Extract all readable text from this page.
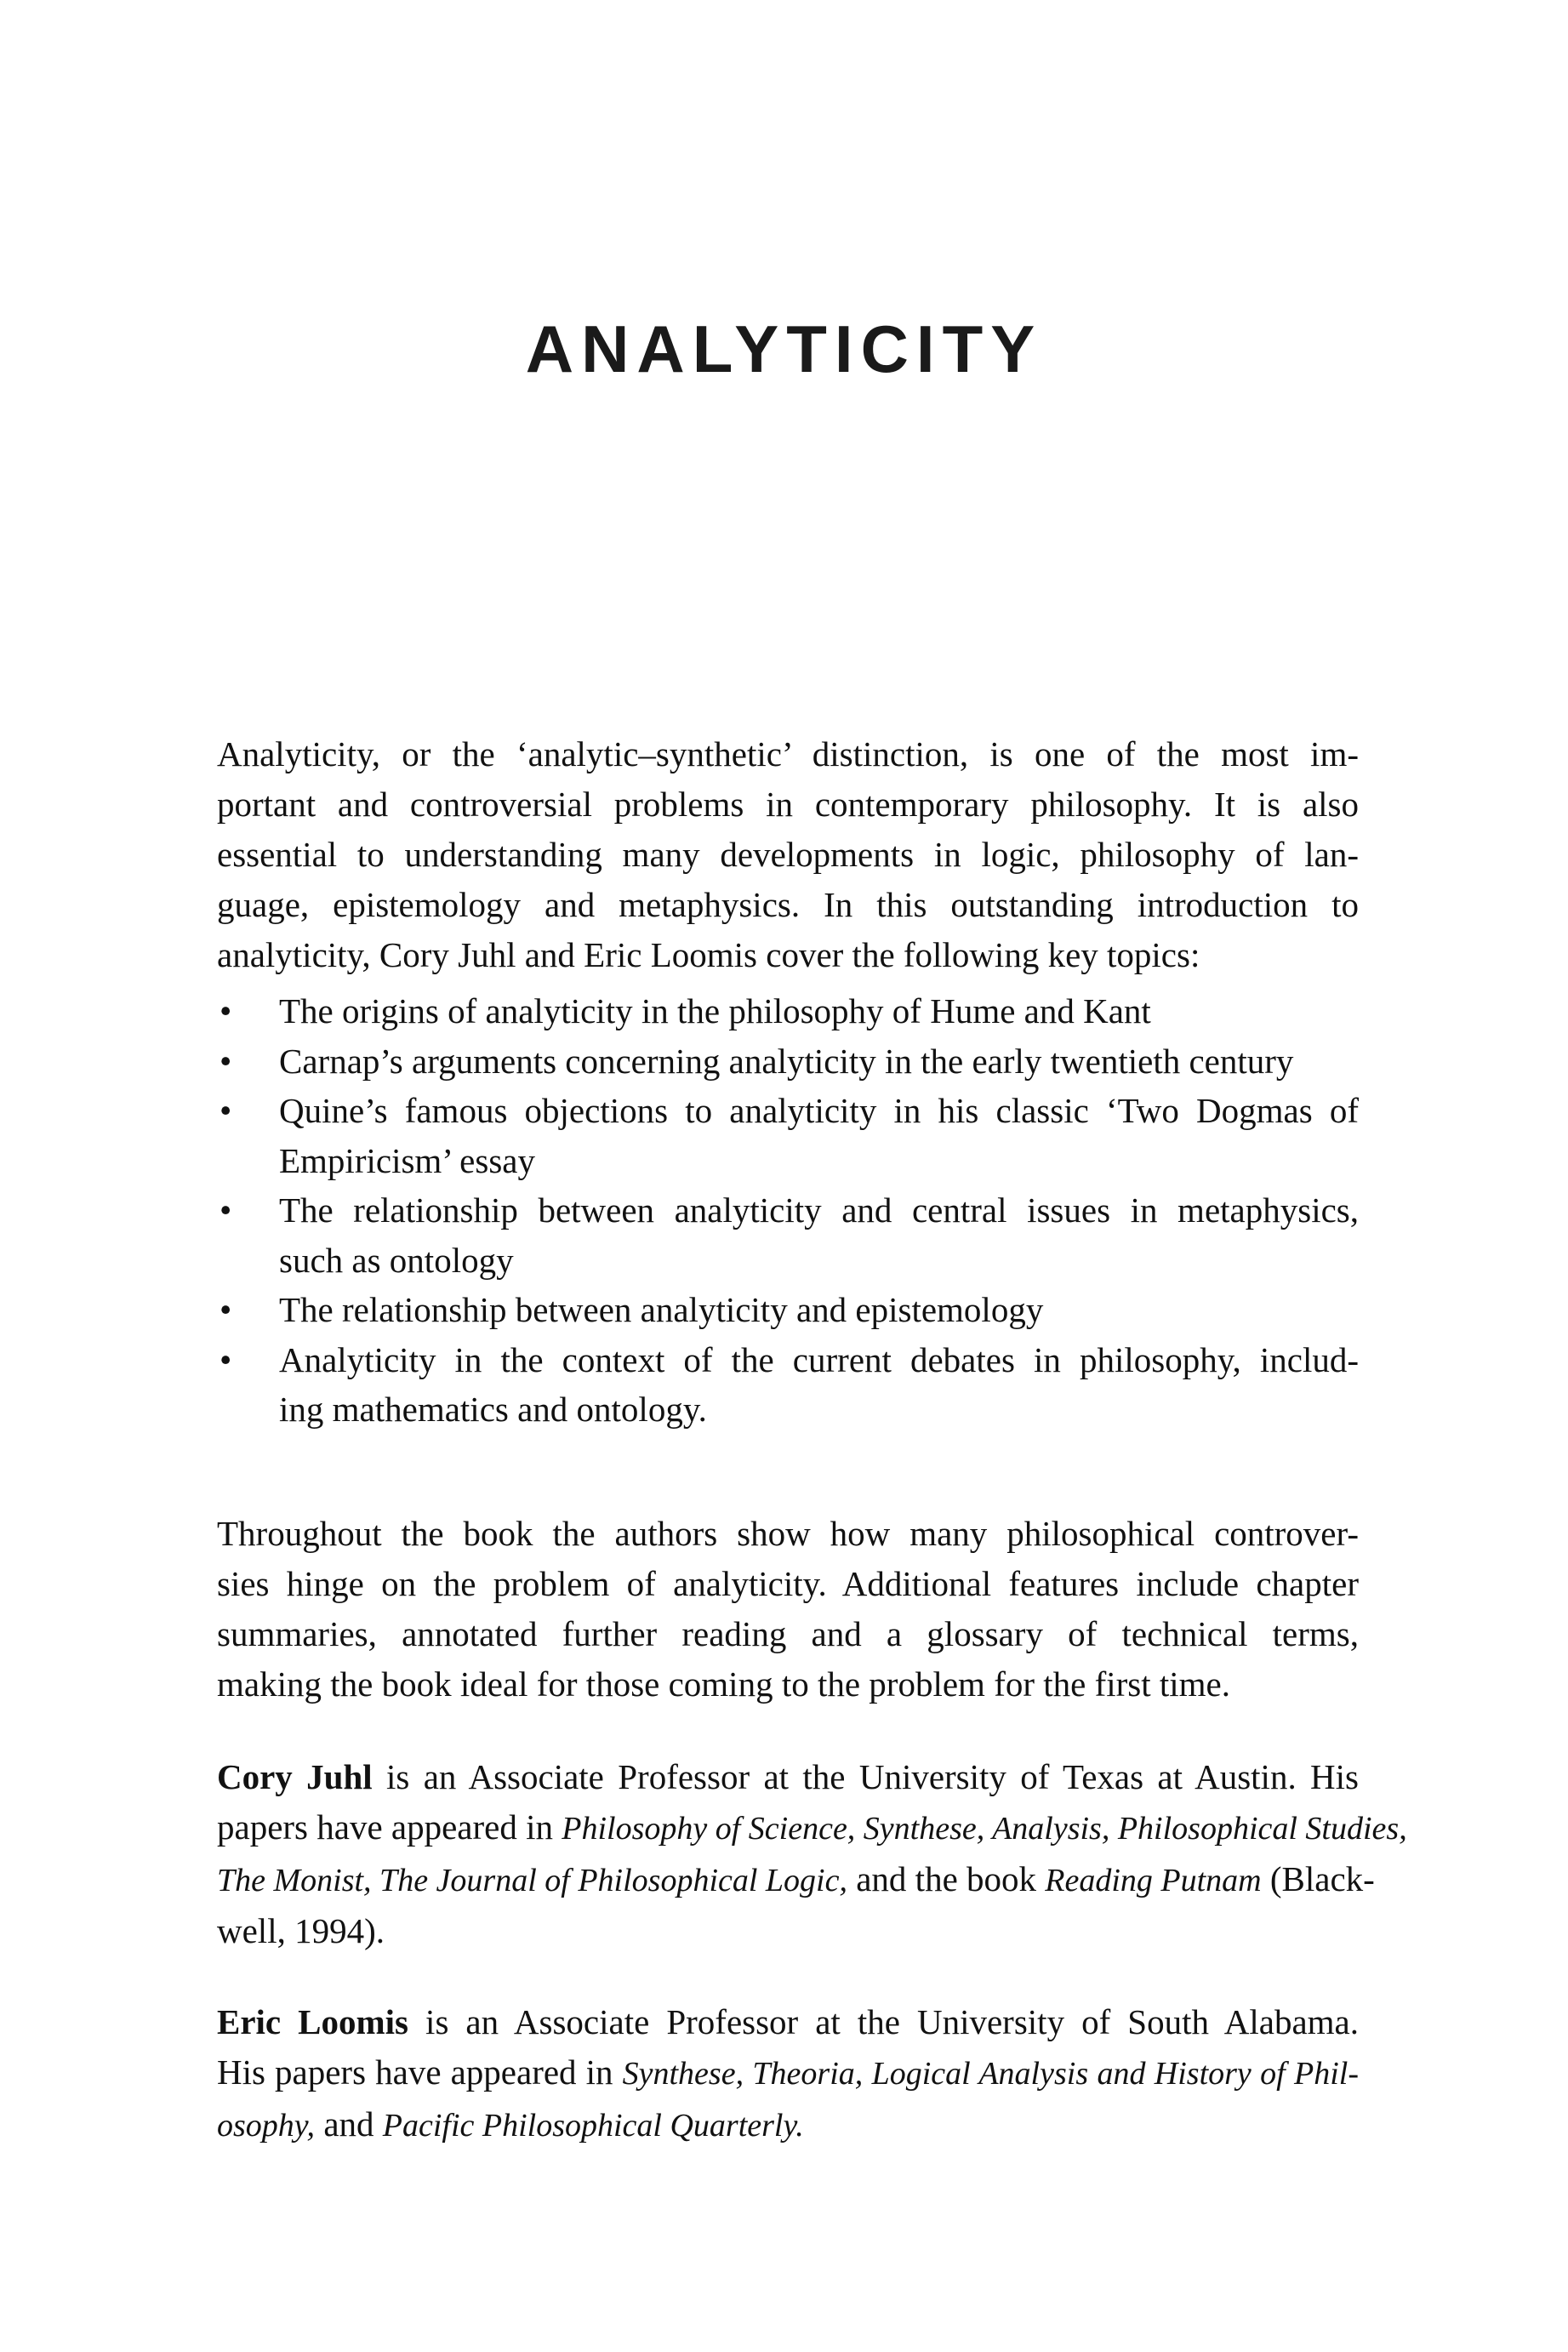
ANALYTICITY
Analyticity, or the ‘analytic–synthetic’ distinction, is one of the most im-
portant and controversial problems in contemporary philosophy. It is also
essential to understanding many developments in logic, philosophy of lan-
guage, epistemology and metaphysics. In this outstanding introduction to
analyticity, Cory Juhl and Eric Loomis cover the following key topics:
• The origins of analyticity in the philosophy of Hume and Kant
• Carnap’s arguments concerning analyticity in the early twentieth century
• Quine’s famous objections to analyticity in his classic ‘Two Dogmas of
Empiricism’ essay
• The relationship between analyticity and central issues in metaphysics,
such as ontology
• The relationship between analyticity and epistemology
• Analyticity in the context of the current debates in philosophy, includ-
ing mathematics and ontology.
Throughout the book the authors show how many philosophical controver-
sies hinge on the problem of analyticity. Additional features include chapter
summaries, annotated further reading and a glossary of technical terms,
making the book ideal for those coming to the problem for the first time.
Cory Juhl is an Associate Professor at the University of Texas at Austin. His
papers have appeared in Philosophy of Science, Synthese, Analysis, Philosophical Studies,
The Monist, The Journal of Philosophical Logic, and the book Reading Putnam (Black-
well, 1994).
Eric Loomis is an Associate Professor at the University of South Alabama.
His papers have appeared in Synthese, Theoria, Logical Analysis and History of Phil-
osophy, and Pacific Philosophical Quarterly.
